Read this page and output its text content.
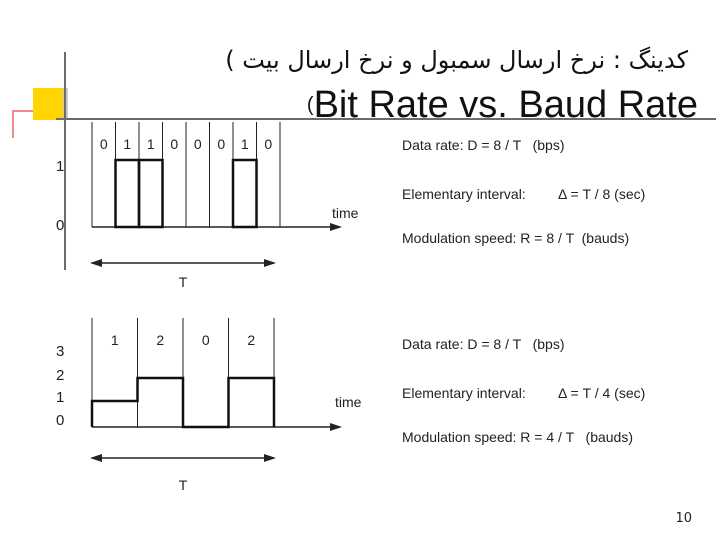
کدینگ : نرخ ارسال سمبول و نرخ ارسال بیت )
(Bit Rate vs. Baud Rate
1
0
time
0 1 1 0 0 0 1 0
T
time
1	2	0	2
T
Data rate: D = 8 / T   (bps)
Elementary interval: Δ = T / 8 (sec)
Modulation speed: R = 8 / T  (bauds)
3
2
1
0
Data rate: D = 8 / T   (bps)
Elementary interval: Δ = T / 4 (sec)
Modulation speed: R = 4 / T   (bauds)
10
